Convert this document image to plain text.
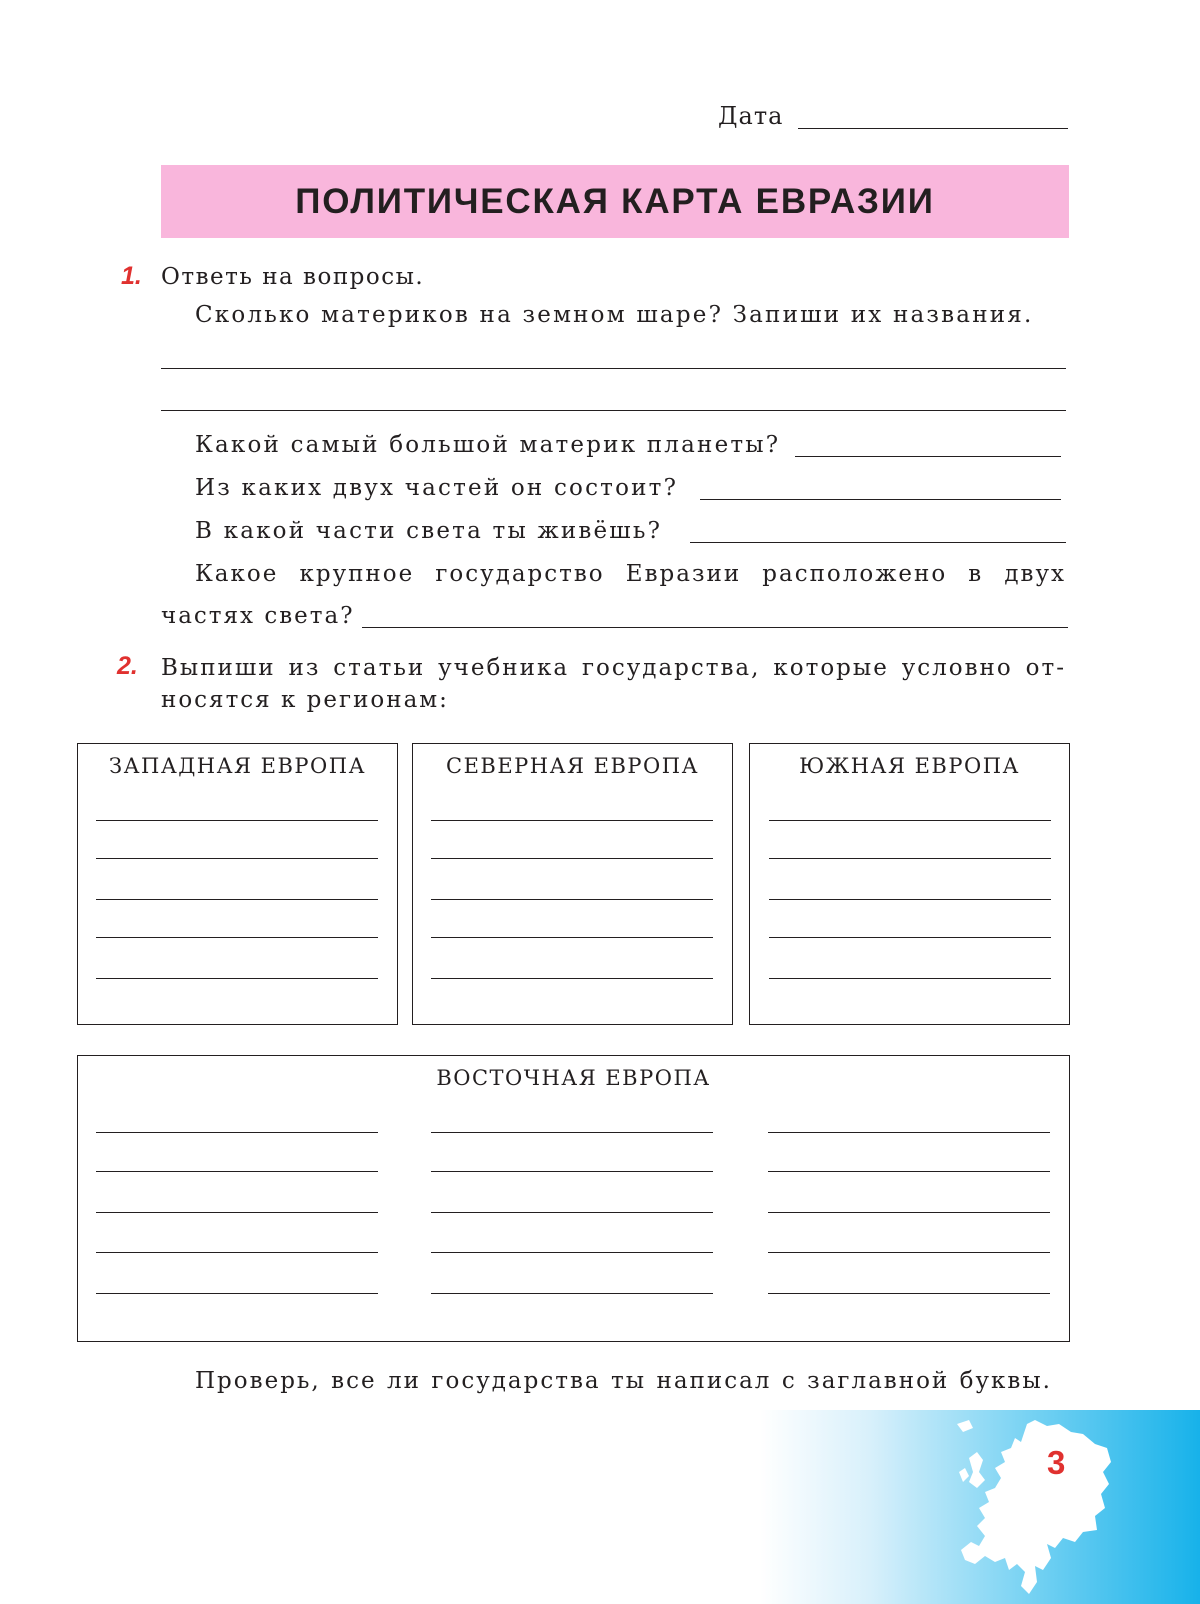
Дата
ПОЛИТИЧЕСКАЯ КАРТА ЕВРАЗИИ
1. Ответь на вопросы.
Сколько материков на земном шаре? Запиши их названия.
Какой самый большой материк планеты?
Из каких двух частей он состоит?
В какой части света ты живёшь?
Какое крупное государство Евразии расположено в двух
частях света?
2. Выпиши из статьи учебника государства, которые условно от-
носятся к регионам:
ЗАПАДНАЯ ЕВРОПА	СЕВЕРНАЯ ЕВРОПА	ЮЖНАЯ ЕВРОПА
ВОСТОЧНАЯ ЕВРОПА
Проверь, все ли государства ты написал с заглавной буквы.
3
